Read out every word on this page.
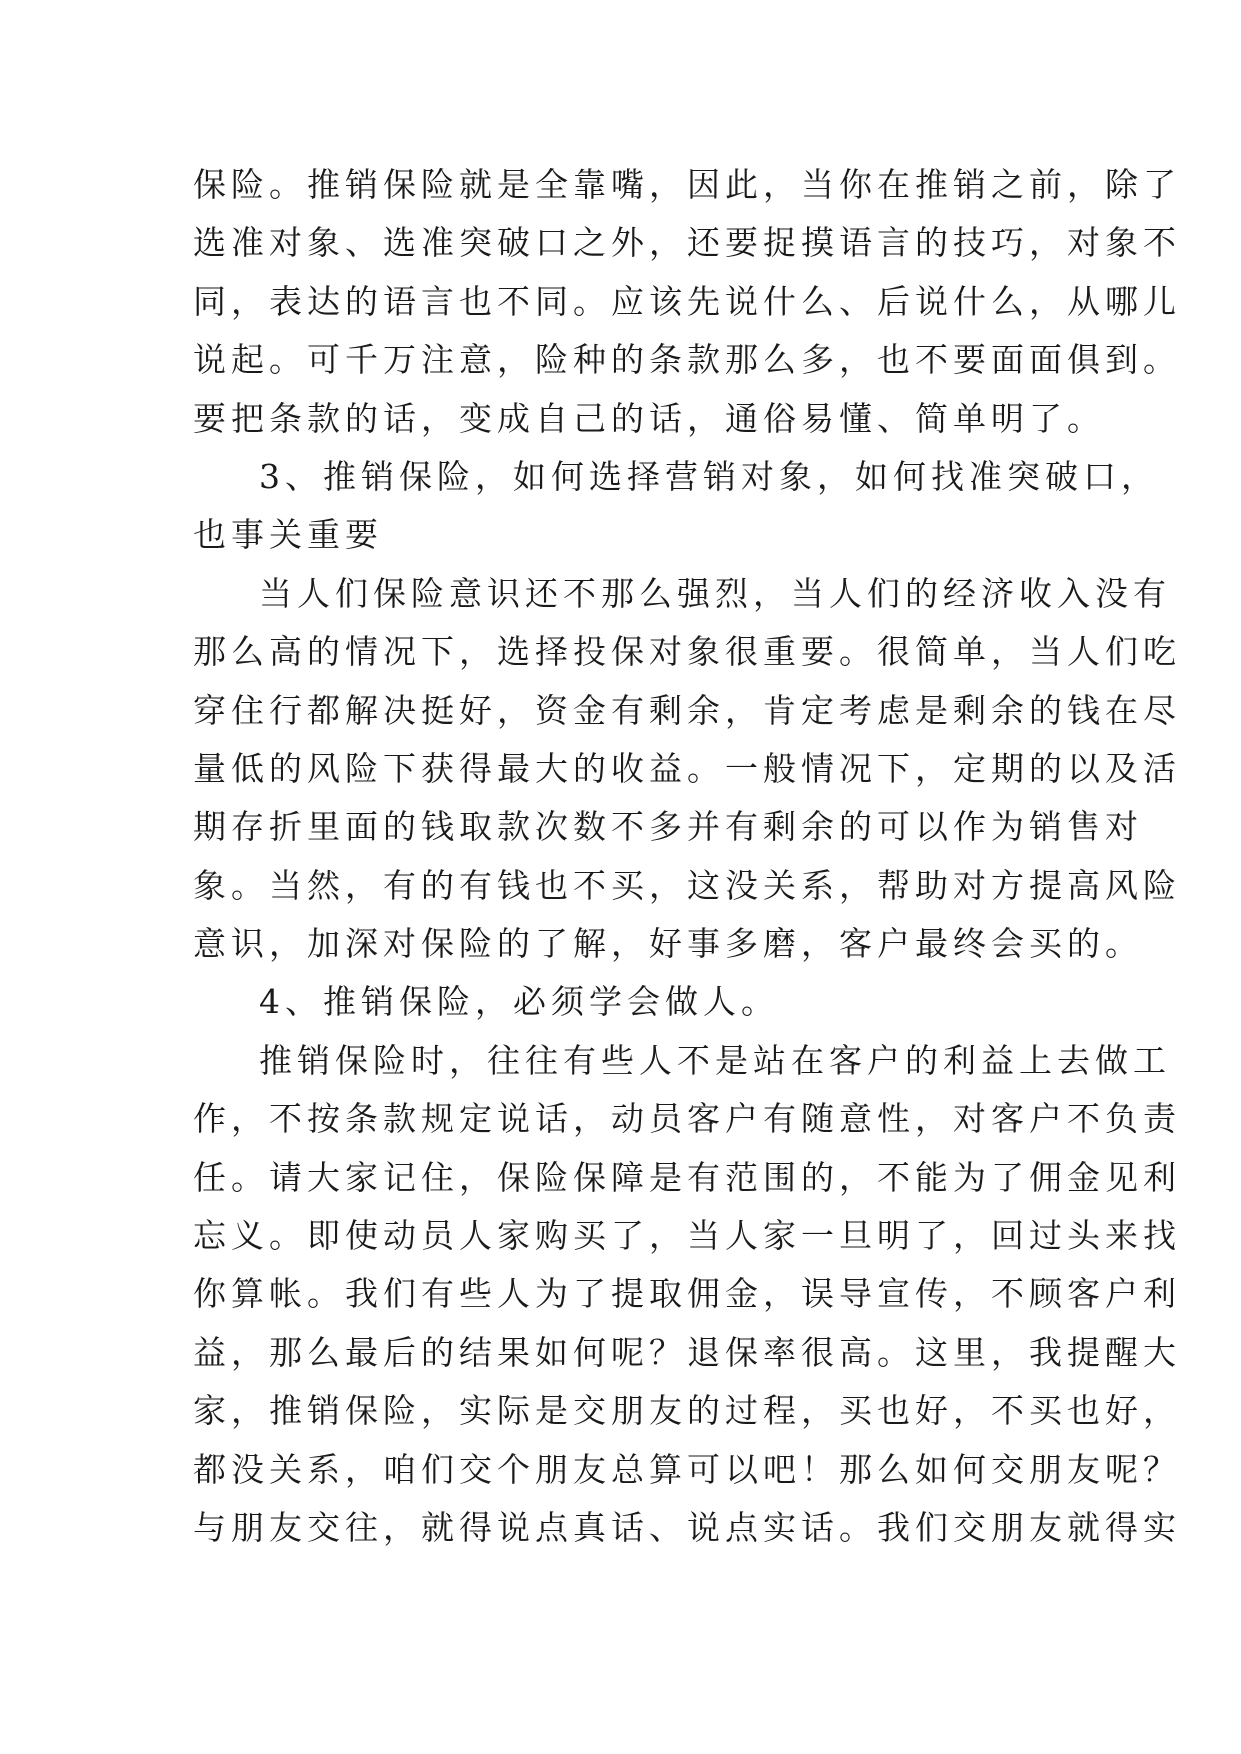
保险。推销保险就是全靠嘴，因此，当你在推销之前，除了
选准对象、选准突破口之外，还要捉摸语言的技巧，对象不
同，表达的语言也不同。应该先说什么、后说什么，从哪儿
说起。可千万注意，险种的条款那么多，也不要面面俱到。
要把条款的话，变成自己的话，通俗易懂、简单明了。
3、推销保险，如何选择营销对象，如何找准突破口，
也事关重要
当人们保险意识还不那么强烈，当人们的经济收入没有
那么高的情况下，选择投保对象很重要。很简单，当人们吃
穿住行都解决挺好，资金有剩余，肯定考虑是剩余的钱在尽
量低的风险下获得最大的收益。一般情况下，定期的以及活
期存折里面的钱取款次数不多并有剩余的可以作为销售对
象。当然，有的有钱也不买，这没关系，帮助对方提高风险
意识，加深对保险的了解，好事多磨，客户最终会买的。
4、推销保险，必须学会做人。
推销保险时，往往有些人不是站在客户的利益上去做工
作，不按条款规定说话，动员客户有随意性，对客户不负责
任。请大家记住，保险保障是有范围的，不能为了佣金见利
忘义。即使动员人家购买了，当人家一旦明了，回过头来找
你算帐。我们有些人为了提取佣金，误导宣传，不顾客户利
益，那么最后的结果如何呢？退保率很高。这里，我提醒大
家，推销保险，实际是交朋友的过程，买也好，不买也好，
都没关系，咱们交个朋友总算可以吧！那么如何交朋友呢？
与朋友交往，就得说点真话、说点实话。我们交朋友就得实
